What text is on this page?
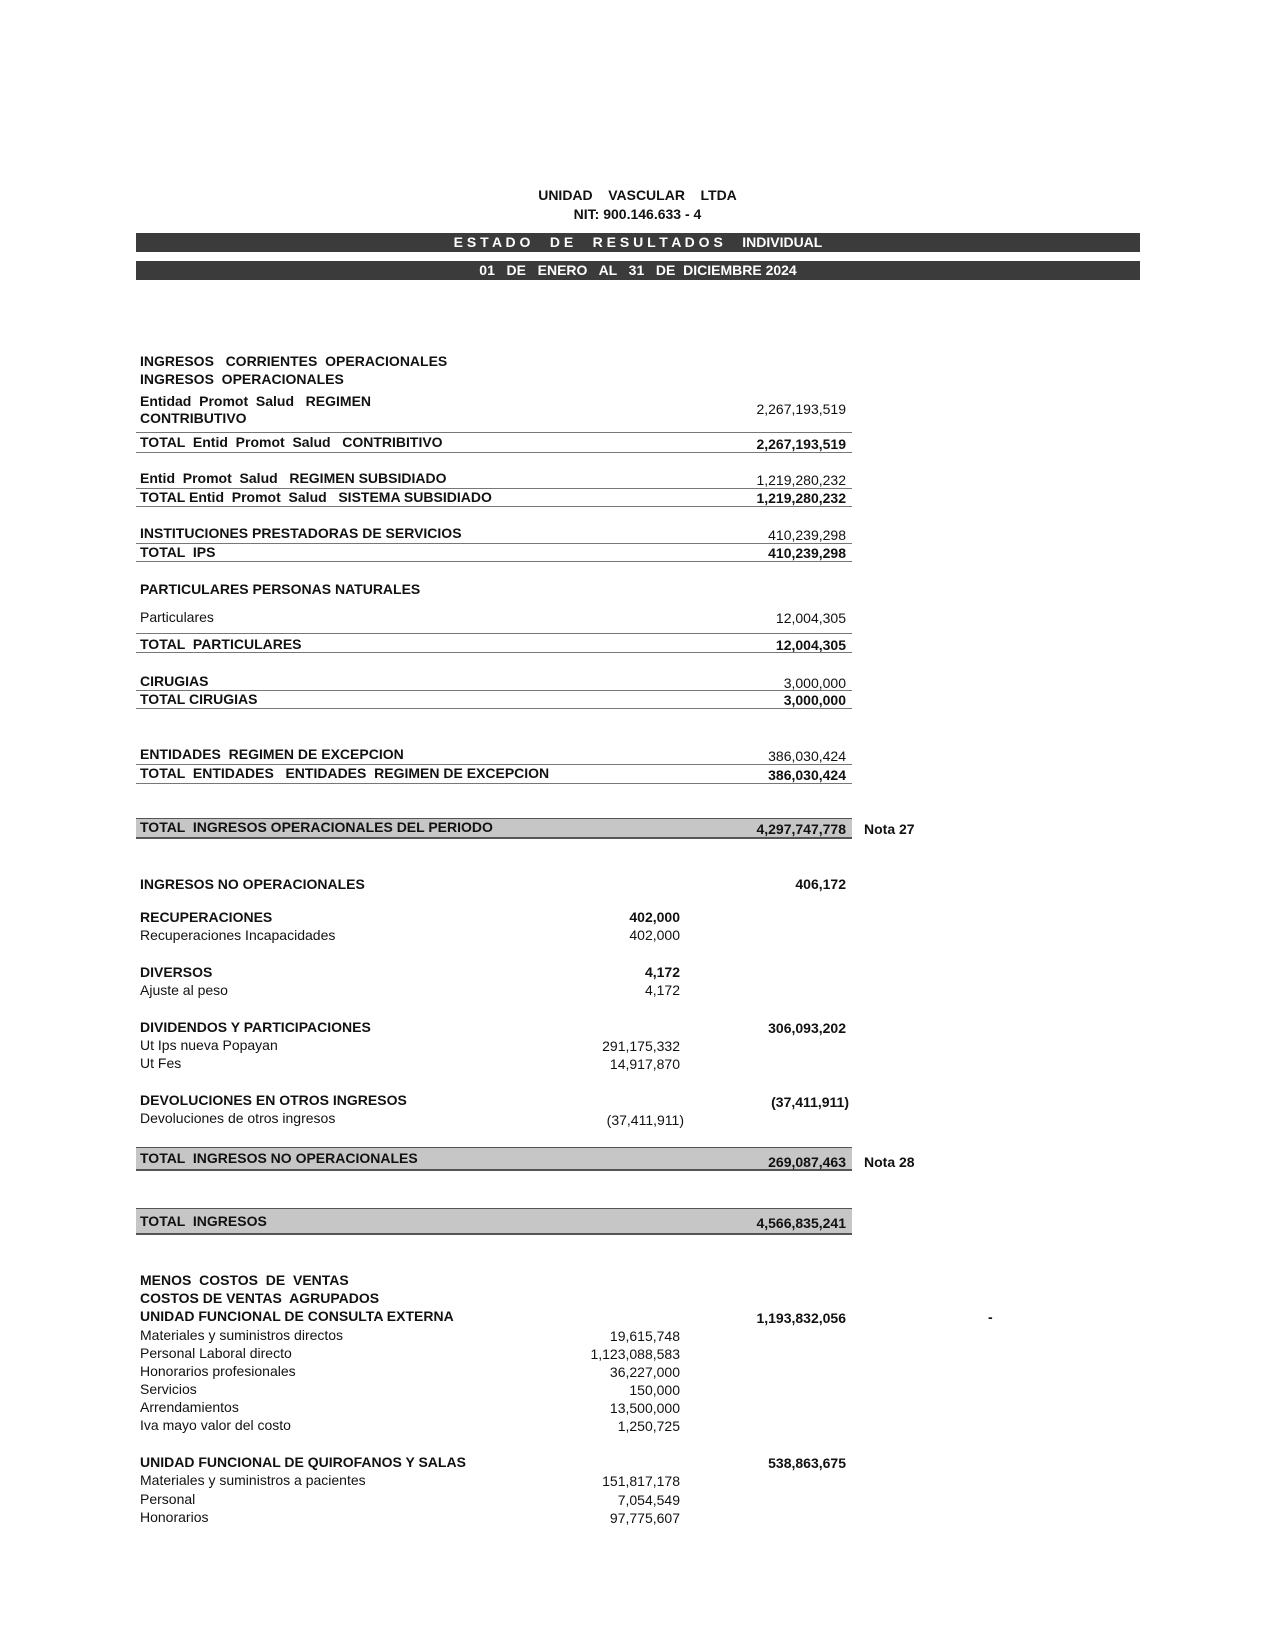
UNIDAD    VASCULAR    LTDA
NIT: 900.146.633 - 4
E S T A D O     D E     R E S U L T A D O S     INDIVIDUAL
01   DE   ENERO   AL   31   DE  DICIEMBRE 2024
INGRESOS   CORRIENTES  OPERACIONALES
INGRESOS  OPERACIONALES
Entidad  Promot  Salud   REGIMEN
CONTRIBUTIVO
2,267,193,519
TOTAL  Entid  Promot  Salud   CONTRIBITIVO	2,267,193,519
Entid  Promot  Salud   REGIMEN SUBSIDIADO	1,219,280,232
TOTAL Entid  Promot  Salud   SISTEMA SUBSIDIADO	1,219,280,232
INSTITUCIONES PRESTADORAS DE SERVICIOS	410,239,298
TOTAL  IPS	410,239,298
PARTICULARES PERSONAS NATURALES
Particulares	12,004,305
TOTAL  PARTICULARES	12,004,305
CIRUGIAS	3,000,000
TOTAL CIRUGIAS	3,000,000
ENTIDADES  REGIMEN DE EXCEPCION	386,030,424
TOTAL  ENTIDADES   ENTIDADES  REGIMEN DE EXCEPCION	386,030,424
TOTAL  INGRESOS OPERACIONALES DEL PERIODO	4,297,747,778 Nota 27
INGRESOS NO OPERACIONALES	406,172
RECUPERACIONES	402,000
Recuperaciones Incapacidades	402,000
DIVERSOS	4,172
Ajuste al peso	4,172
DIVIDENDOS Y PARTICIPACIONES	306,093,202
Ut Ips nueva Popayan	291,175,332
Ut Fes	14,917,870
DEVOLUCIONES EN OTROS INGRESOS	(37,411,911)
Devoluciones de otros ingresos	(37,411,911)
TOTAL  INGRESOS NO OPERACIONALES	269,087,463 Nota 28
TOTAL  INGRESOS	4,566,835,241
MENOS  COSTOS  DE  VENTAS
COSTOS DE VENTAS  AGRUPADOS
UNIDAD FUNCIONAL DE CONSULTA EXTERNA	1,193,832,056	-
Materiales y suministros directos	19,615,748
Personal Laboral directo	1,123,088,583
Honorarios profesionales	36,227,000
Servicios	150,000
Arrendamientos	13,500,000
Iva mayo valor del costo	1,250,725
UNIDAD FUNCIONAL DE QUIROFANOS Y SALAS	538,863,675
Materiales y suministros a pacientes	151,817,178
Personal	7,054,549
Honorarios	97,775,607
